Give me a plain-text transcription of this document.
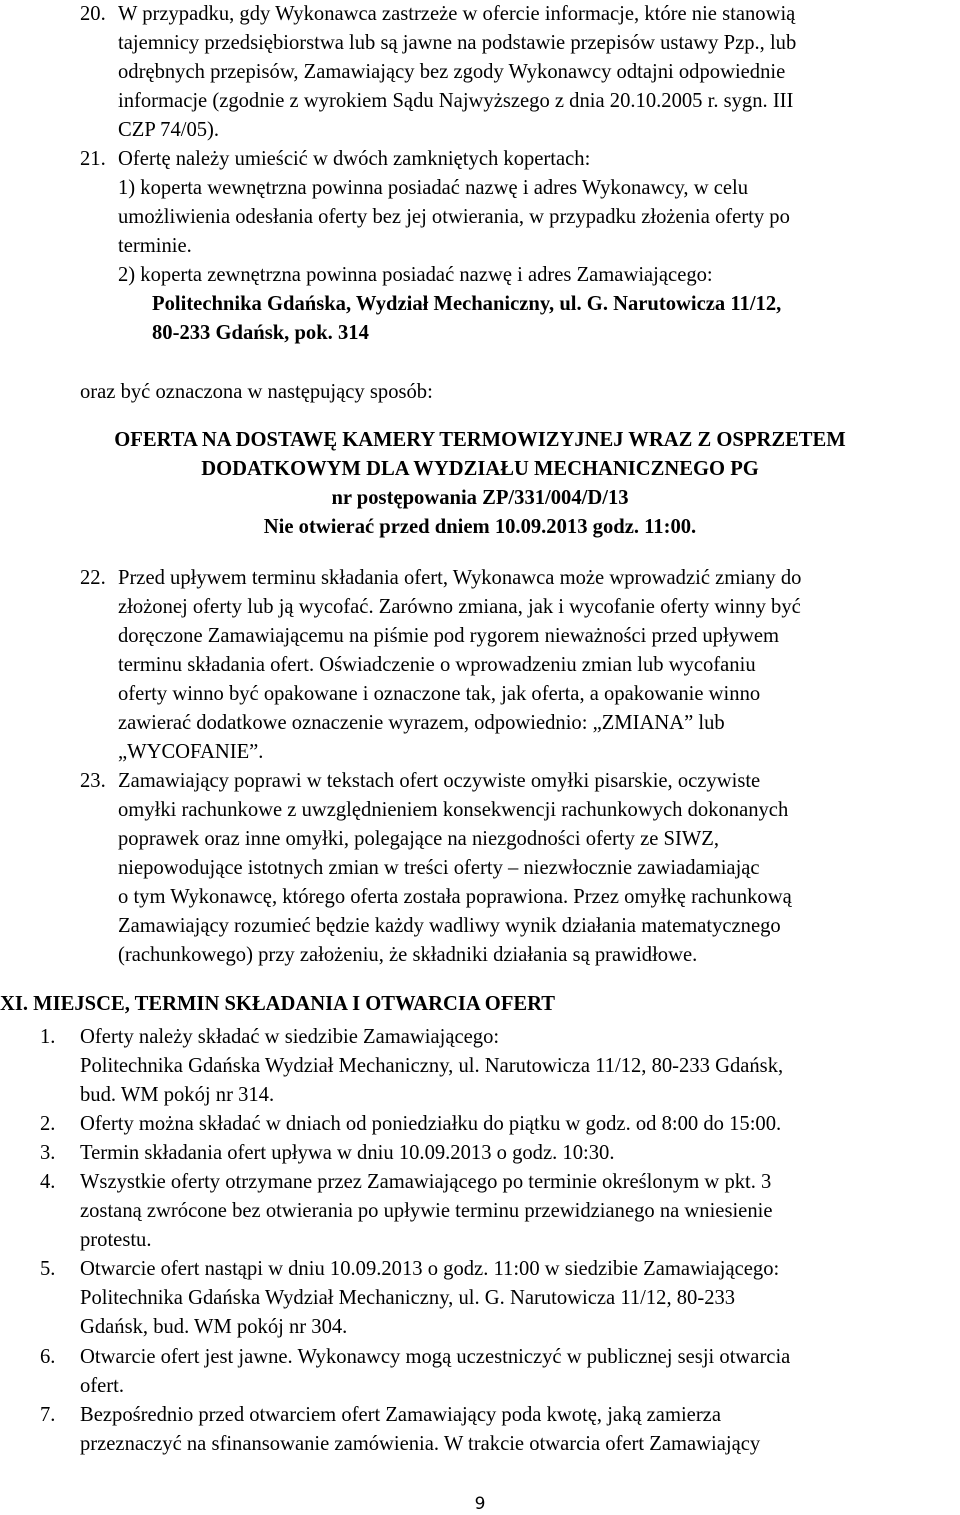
20. W przypadku, gdy Wykonawca zastrzeże w ofercie informacje, które nie stanowią
tajemnicy przedsiębiorstwa lub są jawne na podstawie przepisów ustawy Pzp., lub
odrębnych przepisów, Zamawiający bez zgody Wykonawcy odtajni odpowiednie
informacje (zgodnie z wyrokiem Sądu Najwyższego z dnia 20.10.2005 r. sygn. III
CZP 74/05).
21. Ofertę należy umieścić w dwóch zamkniętych kopertach:
1) koperta wewnętrzna powinna posiadać nazwę i adres Wykonawcy, w celu
umożliwienia odesłania oferty bez jej otwierania, w przypadku złożenia oferty po
terminie.
2) koperta zewnętrzna powinna posiadać nazwę i adres Zamawiającego:
Politechnika Gdańska, Wydział Mechaniczny, ul. G. Narutowicza 11/12,
80-233 Gdańsk, pok. 314
oraz być oznaczona w następujący sposób:
OFERTA NA DOSTAWĘ KAMERY TERMOWIZYJNEJ WRAZ Z OSPRZETEM
DODATKOWYM DLA WYDZIAŁU MECHANICZNEGO PG
nr postępowania ZP/331/004/D/13
Nie otwierać przed dniem 10.09.2013 godz. 11:00.
22. Przed upływem terminu składania ofert, Wykonawca może wprowadzić zmiany do
złożonej oferty lub ją wycofać. Zarówno zmiana, jak i wycofanie oferty winny być
doręczone Zamawiającemu na piśmie pod rygorem nieważności przed upływem
terminu składania ofert. Oświadczenie o wprowadzeniu zmian lub wycofaniu
oferty winno być opakowane i oznaczone tak, jak oferta, a opakowanie winno
zawierać dodatkowe oznaczenie wyrazem, odpowiednio: „ZMIANA” lub
„WYCOFANIE”.
23. Zamawiający poprawi w tekstach ofert oczywiste omyłki pisarskie, oczywiste
omyłki rachunkowe z uwzględnieniem konsekwencji rachunkowych dokonanych
poprawek oraz inne omyłki, polegające na niezgodności oferty ze SIWZ,
niepowodujące istotnych zmian w treści oferty – niezwłocznie zawiadamiając
o tym Wykonawcę, którego oferta została poprawiona. Przez omyłkę rachunkową
Zamawiający rozumieć będzie każdy wadliwy wynik działania matematycznego
(rachunkowego) przy założeniu, że składniki działania są prawidłowe.
XI. MIEJSCE, TERMIN SKŁADANIA I OTWARCIA OFERT
1. Oferty należy składać w siedzibie Zamawiającego:
Politechnika Gdańska Wydział Mechaniczny, ul. Narutowicza 11/12, 80-233 Gdańsk,
bud. WM pokój nr 314.
2. Oferty można składać w dniach od poniedziałku do piątku w godz. od 8:00 do 15:00.
3. Termin składania ofert upływa w dniu 10.09.2013 o godz. 10:30.
4. Wszystkie oferty otrzymane przez Zamawiającego po terminie określonym w pkt. 3
zostaną zwrócone bez otwierania po upływie terminu przewidzianego na wniesienie
protestu.
5. Otwarcie ofert nastąpi w dniu 10.09.2013 o godz. 11:00 w siedzibie Zamawiającego:
Politechnika Gdańska Wydział Mechaniczny, ul. G. Narutowicza 11/12, 80-233
Gdańsk, bud. WM pokój nr 304.
6. Otwarcie ofert jest jawne. Wykonawcy mogą uczestniczyć w publicznej sesji otwarcia
ofert.
7. Bezpośrednio przed otwarciem ofert Zamawiający poda kwotę, jaką zamierza
przeznaczyć na sfinansowanie zamówienia. W trakcie otwarcia ofert Zamawiający
9
